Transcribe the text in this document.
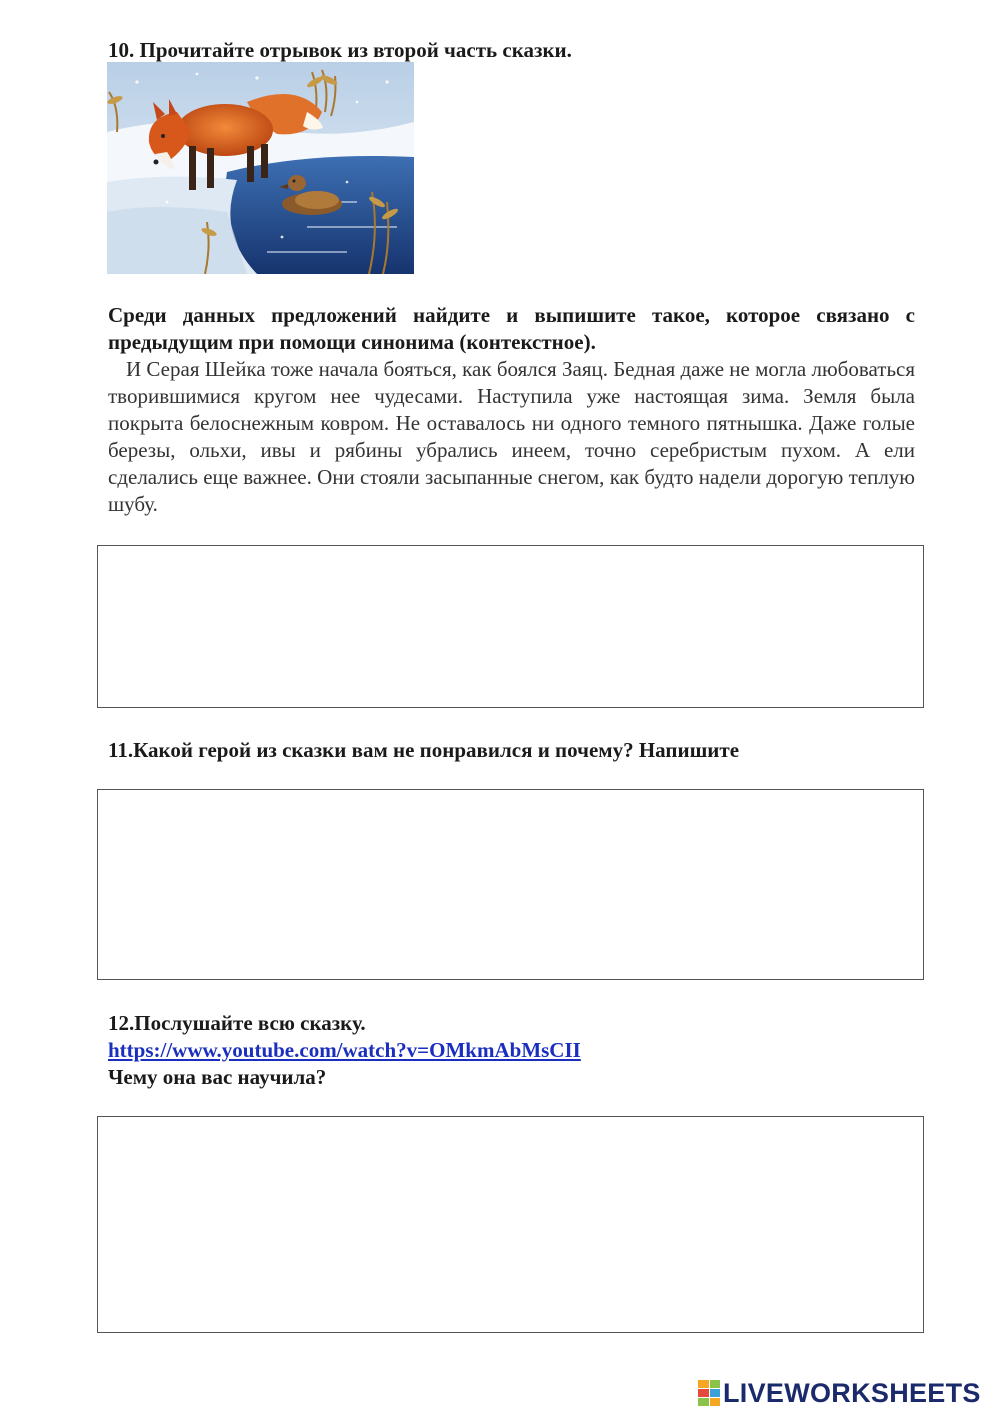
10. Прочитайте отрывок из второй часть сказки.
Среди данных предложений найдите и выпишите такое, которое связано с предыдущим при помощи синонима (контекстное).
И Серая Шейка тоже начала бояться, как боялся Заяц. Бедная даже не могла любоваться творившимися кругом нее чудесами. Наступила уже настоящая зима. Земля была покрыта белоснежным ковром. Не оставалось ни одного темного пятнышка. Даже голые березы, ольхи, ивы и рябины убрались инеем, точно серебристым пухом. А ели сделались еще важнее. Они стояли засыпанные снегом, как будто надели дорогую теплую шубу.
11.Какой герой из сказки вам не понравился и почему? Напишите
12.Послушайте всю сказку.
https://www.youtube.com/watch?v=OMkmAbMsCII
Чему она вас научила?
LIVEWORKSHEETS
